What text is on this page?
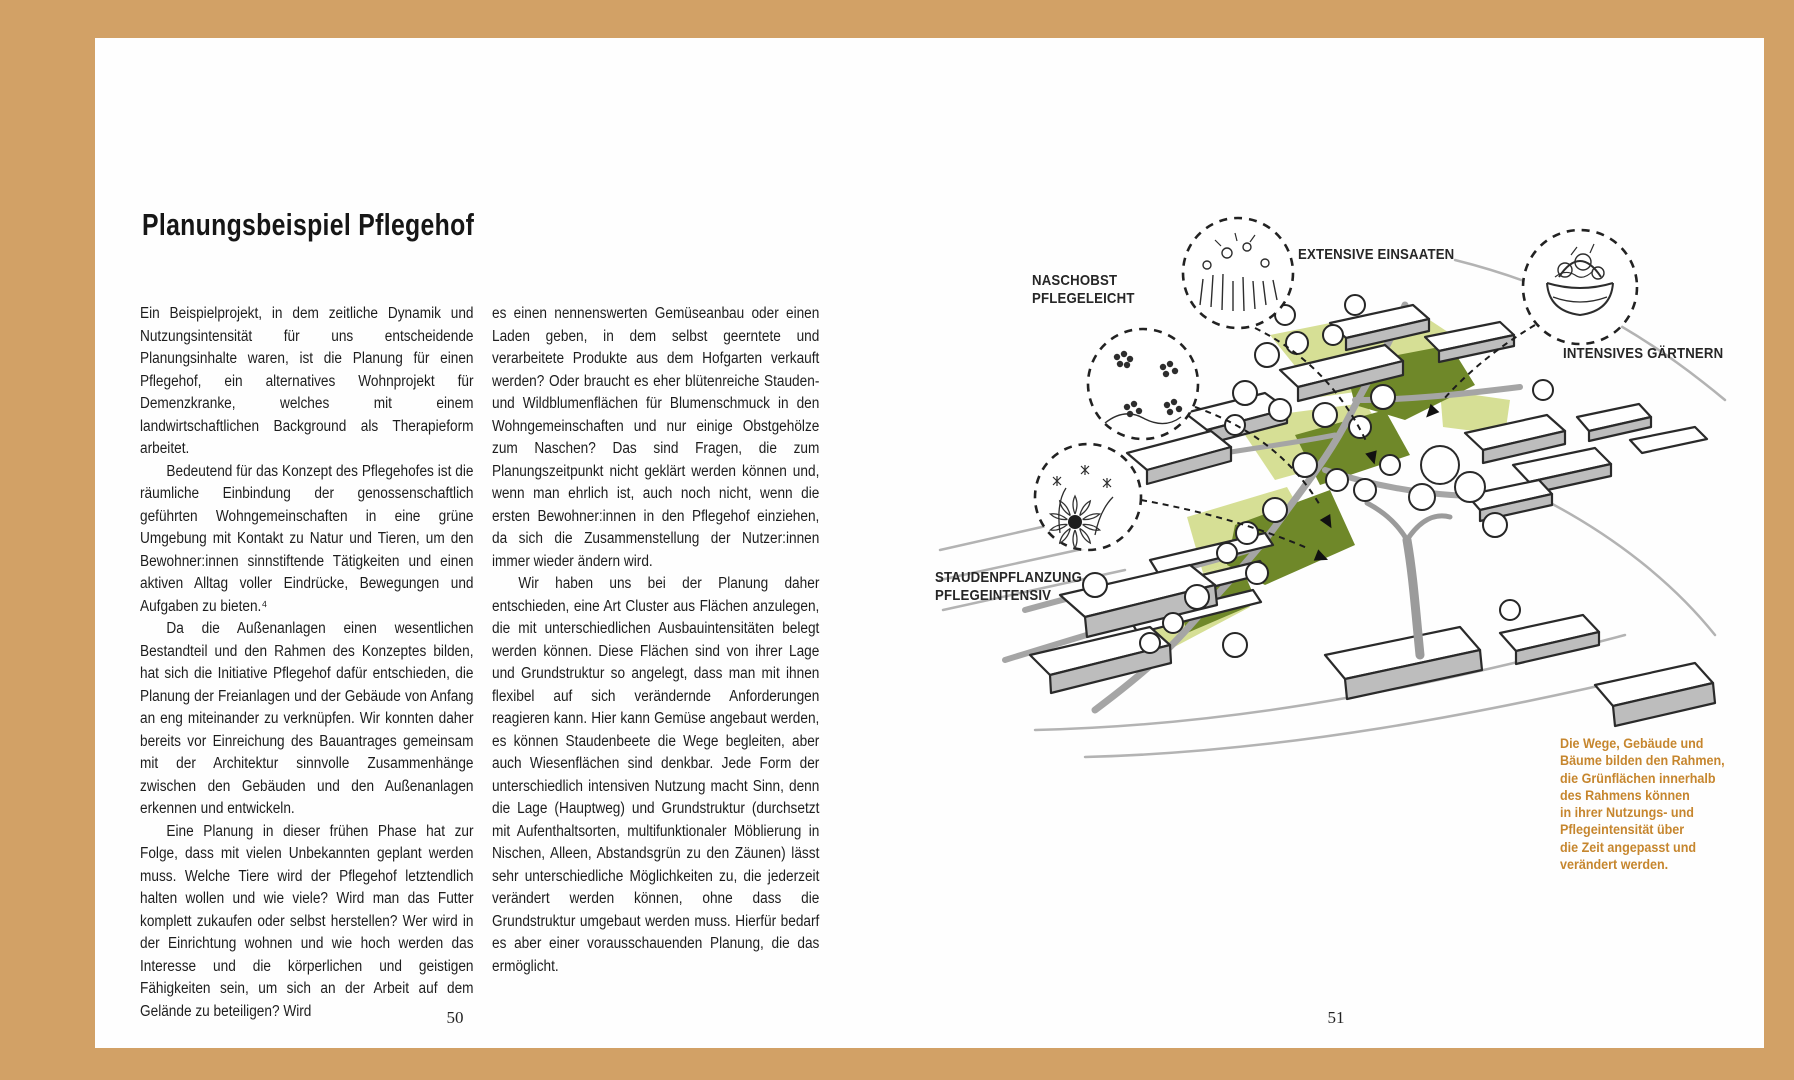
Planungsbeispiel Pflegehof

Ein Beispielprojekt, in dem zeitliche Dynamik und Nutzungsintensität für uns entscheidende Planungsinhalte waren, ist die Planung für einen Pflegehof, ein alternatives Wohnprojekt für Demenzkranke, welches mit einem landwirtschaftlichen Background als Therapieform arbeitet.

Bedeutend für das Konzept des Pflegehofes ist die räumliche Einbindung der genossenschaftlich geführten Wohngemeinschaften in eine grüne Umgebung mit Kontakt zu Natur und Tieren, um den Bewohner:innen sinnstiftende Tätigkeiten und einen aktiven Alltag voller Eindrücke, Bewegungen und Aufgaben zu bieten.⁴

Da die Außenanlagen einen wesentlichen Bestandteil und den Rahmen des Konzeptes bilden, hat sich die Initiative Pflegehof dafür entschieden, die Planung der Freianlagen und der Gebäude von Anfang an eng miteinander zu verknüpfen. Wir konnten daher bereits vor Einreichung des Bauantrages gemeinsam mit der Architektur sinnvolle Zusammenhänge zwischen den Gebäuden und den Außenanlagen erkennen und entwickeln.

Eine Planung in dieser frühen Phase hat zur Folge, dass mit vielen Unbekannten geplant werden muss. Welche Tiere wird der Pflegehof letztendlich halten wollen und wie viele? Wird man das Futter komplett zukaufen oder selbst herstellen? Wer wird in der Einrichtung wohnen und wie hoch werden das Interesse und die körperlichen und geistigen Fähigkeiten sein, um sich an der Arbeit auf dem Gelände zu beteiligen? Wird

es einen nennenswerten Gemüseanbau oder einen Laden geben, in dem selbst geerntete und verarbeitete Produkte aus dem Hofgarten verkauft werden? Oder braucht es eher blütenreiche Stauden- und Wildblumenflächen für Blumenschmuck in den Wohngemeinschaften und nur einige Obstgehölze zum Naschen? Das sind Fragen, die zum Planungszeitpunkt nicht geklärt werden können und, wenn man ehrlich ist, auch noch nicht, wenn die ersten Bewohner:innen in den Pflegehof einziehen, da sich die Zusammenstellung der Nutzer:innen immer wieder ändern wird.

Wir haben uns bei der Planung daher entschieden, eine Art Cluster aus Flächen anzulegen, die mit unterschiedlichen Ausbauintensitäten belegt werden können. Diese Flächen sind von ihrer Lage und Grundstruktur so angelegt, dass man mit ihnen flexibel auf sich verändernde Anforderungen reagieren kann. Hier kann Gemüse angebaut werden, es können Staudenbeete die Wege begleiten, aber auch Wiesenflächen sind denkbar. Jede Form der unterschiedlich intensiven Nutzung macht Sinn, denn die Lage (Hauptweg) und Grundstruktur (durchsetzt mit Aufenthaltsorten, multifunktionaler Möblierung in Nischen, Alleen, Abstandsgrün zu den Zäunen) lässt sehr unterschiedliche Möglichkeiten zu, die jederzeit verändert werden können, ohne dass die Grundstruktur umgebaut werden muss. Hierfür bedarf es aber einer vorausschauenden Planung, die das ermöglicht.

50	51
NASCHOBST
PFLEGELEICHT
EXTENSIVE EINSAATEN
INTENSIVES GÄRTNERN
STAUDENPFLANZUNG
PFLEGEINTENSIV
Die Wege, Gebäude und
Bäume bilden den Rahmen,
die Grünflächen innerhalb
des Rahmens können
in ihrer Nutzungs- und
Pflegeintensität über
die Zeit angepasst und
verändert werden.
